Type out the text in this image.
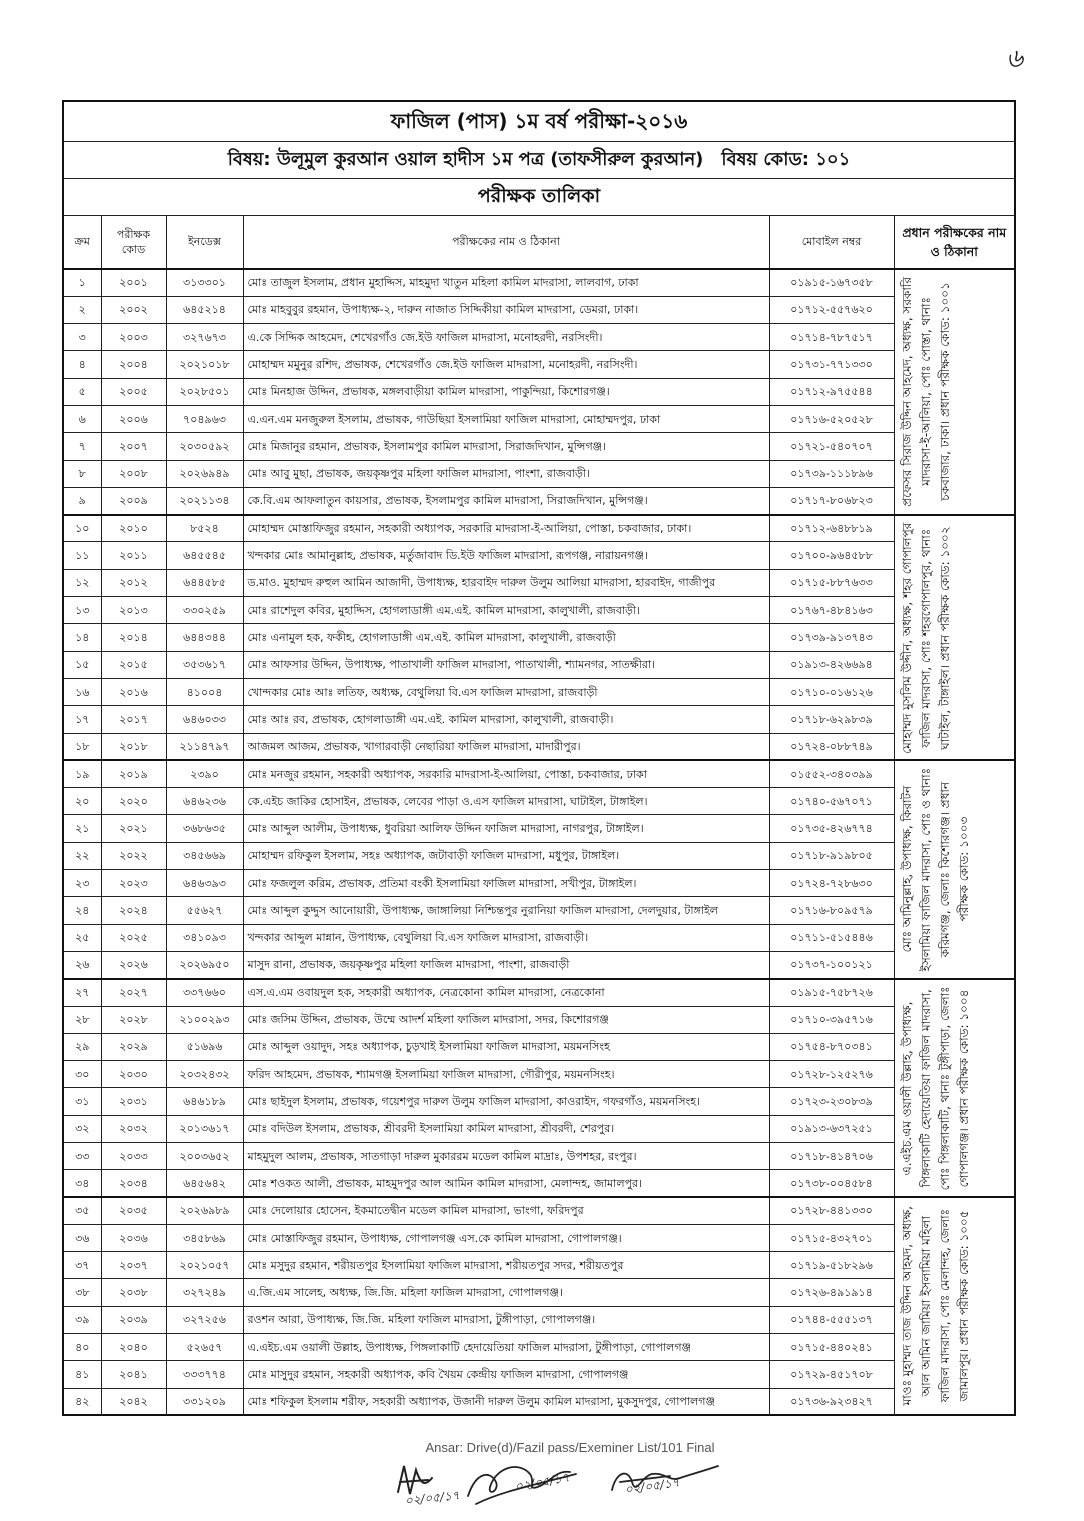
৬
ফাজিল (পাস) ১ম বর্ষ পরীক্ষা-২০১৬					

বিষয়: উলূমুল কুরআন ওয়াল হাদীস ১ম পত্র (তাফসীরুল কুরআন) বিষয় কোড: ১০১					

পরীক্ষক তালিকা					

ক্রম	পরীক্ষক কোড	ইনডেক্স	পরীক্ষকের নাম ও ঠিকানা	মোবাইল নম্বর	প্রধান পরীক্ষকের নাম ও ঠিকানা

১	২০০১	৩১৩৩০১	মোঃ তাজুল ইসলাম, প্রধান মুহাদ্দিস, মাহমুদা খাতুন মহিলা কামিল মাদরাসা, লালবাগ, ঢাকা	০১৯১৫-১৬৭৩৫৮	প্রফেসর সিরাজ উদ্দিন আহমেদ, অধ্যক্ষ, সরকারি মাদরাসা-ই-আলিয়া, পোঃ পোস্তা, থানাঃ চকবাজার, ঢাকা। প্রধান পরীক্ষক কোড: ১০০১

২	২০০২	৬৪৫২১৪	মোঃ মাহবুবুর রহমান, উপাধ্যক্ষ-২, দারুন নাজাত সিদ্দিকীয়া কামিল মাদরাসা, ডেমরা, ঢাকা।	০১৭১২-৫৫৭৬২০	

৩	২০০৩	৩২৭৬৭৩	এ.কে সিদ্দিক আহমেদ, শেখেরগাঁও জে.ইউ ফাজিল মাদরাসা, মনোহরদী, নরসিংদী।	০১৭১৪-৭৮৭৫১৭	

৪	২০০৪	২০২১০১৮	মোহাম্মদ মমুনুর রশিদ, প্রভাষক, শেখেরগাঁও জে.ইউ ফাজিল মাদরাসা, মনোহরদী, নরসিংদী।	০১৭৩১-৭৭১৩৩০	

৫	২০০৫	২০২৮৫০১	মোঃ মিনহাজ উদ্দিন, প্রভাষক, মঙ্গলবাড়ীয়া কামিল মাদরাসা, পাকুন্দিয়া, কিশোরগঞ্জ।	০১৭১২-৯৭৫৫৪৪	

৬	২০০৬	৭০৪৯৬৩	এ.এন.এম মনজুরুল ইসলাম, প্রভাষক, গাউছিয়া ইসলামিয়া ফাজিল মাদরাসা, মোহাম্মদপুর, ঢাকা	০১৭১৬-৫২০৫২৮	

৭	২০০৭	২০৩০৫৯২	মোঃ মিজানুর রহমান, প্রভাষক, ইসলামপুর কামিল মাদরাসা, সিরাজদিখান, মুন্সিগঞ্জ।	০১৭২১-৫৪০৭০৭	

৮	২০০৮	২০২৬৯৪৯	মোঃ আবু মুছা, প্রভাষক, জয়কৃষ্ণপুর মহিলা ফাজিল মাদরাসা, পাংশা, রাজবাড়ী।	০১৭৩৯-১১১৮৯৬	

৯	২০০৯	২০২১১৩৪	কে.বি.এম আফলাতুন কায়সার, প্রভাষক, ইসলামপুর কামিল মাদরাসা, সিরাজদিখান, মুন্সিগঞ্জ।	০১৭১৭-৮০৬৮২৩	

১০	২০১০	৮৫২৪	মোহাম্মদ মোস্তাফিজুর রহমান, সহকারী অধ্যাপক, সরকারি মাদরাসা-ই-আলিয়া, পোস্তা, চকবাজার, ঢাকা।	০১৭১২-৬৪৮৮১৯	মোহাম্মদ মুসলিম উদ্দীন, অধ্যক্ষ, শহর গোপালপুর ফাজিল মাদরাসা, পোঃ শহরগোপালপুর, থানাঃ ঘাটাইল, টাঙ্গাইল। প্রধান পরীক্ষক কোড: ১০০২

১১	২০১১	৬৪৫৫৪৫	খন্দকার মোঃ আমানুল্লাহ, প্রভাষক, মর্তুজাবাদ ডি.ইউ ফাজিল মাদরাসা, রূপগঞ্জ, নারায়নগঞ্জ।	০১৭০০-৯৬৪৫৮৮	

১২	২০১২	৬৪৪৫৮৫	ড.মাও. মুহাম্মদ রুহুল আমিন আজাদী, উপাধ্যক্ষ, হারবাইদ দারুল উলুম আলিয়া মাদরাসা, হারবাইদ, গাজীপুর	০১৭১৫-৮৮৭৬৩৩	

১৩	২০১৩	৩৩০২৫৯	মোঃ রাশেদুল কবির, মুহাদ্দিস, হোগলাডাঙ্গী এম.এই. কামিল মাদরাসা, কালুখালী, রাজবাড়ী।	০১৭৬৭-৪৮৪১৬৩	

১৪	২০১৪	৬৪৪৩৪৪	মোঃ এনামুল হক, ফকীহ, হোগলাডাঙ্গী এম.এই. কামিল মাদরাসা, কালুখালী, রাজবাড়ী	০১৭৩৯-৯১৩৭৪৩	

১৫	২০১৫	৩৫৩৬১৭	মোঃ আফসার উদ্দিন, উপাধ্যক্ষ, পাতাখালী ফাজিল মাদরাসা, পাতাখালী, শ্যামনগর, সাতক্ষীরা।	০১৯১৩-৪২৬৬৯৪	

১৬	২০১৬	৪১০০৪	খোন্দকার মোঃ আঃ লতিফ, অধ্যক্ষ, বেথুলিয়া বি.এস ফাজিল মাদরাসা, রাজবাড়ী	০১৭১০-০১৬১২৬	

১৭	২০১৭	৬৪৬০৩৩	মোঃ আঃ রব, প্রভাষক, হোগলাডাঙ্গী এম.এই. কামিল মাদরাসা, কালুখালী, রাজবাড়ী।	০১৭১৮-৬২৯৮৩৯	

১৮	২০১৮	২১১৪৭৯৭	আজমল আজম, প্রভাষক, খাগারবাড়ী নেছারিয়া ফাজিল মাদরাসা, মাদারীপুর।	০১৭২৪-০৮৮৭৪৯	

১৯	২০১৯	২৩৯০	মোঃ মনজুর রহমান, সহকারী অধ্যাপক, সরকারি মাদরাসা-ই-আলিয়া, পোস্তা, চকবাজার, ঢাকা	০১৫৫২-৩৪০৩৯৯	মোঃ আমিনুল্লাহ, উপাধ্যক্ষ, কিরাটন ইসলামিয়া ফাজিল মাদরাসা, পোঃ ও থানাঃ করিমগঞ্জ, জেলাঃ কিশোরগঞ্জ। প্রধান পরীক্ষক কোড: ১০০৩

২০	২০২০	৬৪৬২৩৬	কে.এইচ জাকির হোসাইন, প্রভাষক, লেবের পাড়া ও.এস ফাজিল মাদরাসা, ঘাটাইল, টাঙ্গাইল।	০১৭৪০-৫৬৭০৭১	

২১	২০২১	৩৬৮৬৩৫	মোঃ আব্দুল আলীম, উপাধ্যক্ষ, ধুবরিয়া আলিফ উদ্দিন ফাজিল মাদরাসা, নাগরপুর, টাঙ্গাইল।	০১৭৩৫-৪২৬৭৭৪	

২২	২০২২	৩৪৫৬৬৯	মোহাম্মদ রফিকুল ইসলাম, সহঃ অধ্যাপক, জটাবাড়ী ফাজিল মাদরাসা, মধুপুর, টাঙ্গাইল।	০১৭১৮-৯১৯৮০৫	

২৩	২০২৩	৬৪৬৩৯৩	মোঃ ফজলুল করিম, প্রভাষক, প্রতিমা বংকী ইসলামিয়া ফাজিল মাদরাসা, সখীপুর, টাঙ্গাইল।	০১৭২৪-৭২৮৬৩০	

২৪	২০২৪	৫৫৬২৭	মোঃ আব্দুল কুদ্দুস আনোয়ারী, উপাধ্যক্ষ, জাঙ্গালিয়া নিশ্চিন্তপুর নুরানিয়া ফাজিল মাদরাসা, দেলদুয়ার, টাঙ্গাইল	০১৭১৬-৮০৯৫৭৯	

২৫	২০২৫	৩৪১০৯৩	খন্দকার আব্দুল মান্নান, উপাধ্যক্ষ, বেথুলিয়া বি.এস ফাজিল মাদরাসা, রাজবাড়ী।	০১৭১১-৫১৫৪৪৬	

২৬	২০২৬	২০২৬৯৫০	মাসুদ রানা, প্রভাষক, জয়কৃষ্ণপুর মহিলা ফাজিল মাদরাসা, পাংশা, রাজবাড়ী	০১৭৩৭-১০০১২১	

২৭	২০২৭	৩৩৭৬৬০	এস.এ.এম ওবায়দুল হক, সহকারী অধ্যাপক, নেত্রকোনা কামিল মাদরাসা, নেত্রকোনা	০১৯১৫-৭৫৮৭২৬	এ.এইচ.এম ওয়ালী উল্লাহ, উপাধ্যক্ষ, পিঙ্গলাকাটি হেদায়েতিয়া ফাজিল মাদরাসা, পোঃ পিঙ্গলাকাটি, থানাঃ টুঙ্গীপাড়া, জেলাঃ গোপালগঞ্জ। প্রধান পরীক্ষক কোড: ১০০৪

২৮	২০২৮	২১০০২৯৩	মোঃ জসিম উদ্দিন, প্রভাষক, উম্মে আদর্শ মহিলা ফাজিল মাদরাসা, সদর, কিশোরগঞ্জ	০১৭১০-৩৯৫৭১৬	

২৯	২০২৯	৫১৬৯৬	মোঃ আব্দুল ওয়াদুদ, সহঃ অধ্যাপক, চুড়খাই ইসলামিয়া ফাজিল মাদরাসা, ময়মনসিংহ	০১৭৫৪-৮৭০৩৪১	

৩০	২০৩০	২০৩২৪৩২	ফরিদ আহমেদ, প্রভাষক, শ্যামগঞ্জ ইসলামিয়া ফাজিল মাদরাসা, গৌরীপুর, ময়মনসিংহ।	০১৭২৮-১২৫২৭৬	

৩১	২০৩১	৬৪৬১৮৯	মোঃ ছাইদুল ইসলাম, প্রভাষক, গয়েশপুর দারুল উলুম ফাজিল মাদরাসা, কাওরাইদ, গফরগাঁও, ময়মনসিংহ।	০১৭২৩-২৩০৮৩৯	

৩২	২০৩২	২০১৩৬১৭	মোঃ বদিউল ইসলাম, প্রভাষক, শ্রীবরদী ইসলামিয়া কামিল মাদরাসা, শ্রীবরদী, শেরপুর।	০১৯১৩-৬৩৭২৫১	

৩৩	২০৩৩	২০০৩৬৫২	মাহমুদুল আলম, প্রভাষক, সাতগাড়া দারুল মুকাররম মডেল কামিল মাদ্রাঃ, উপশহর, রংপুর।	০১৭১৮-৪১৪৭০৬	

৩৪	২০৩৪	৬৪৫৬৪২	মোঃ শওকত আলী, প্রভাষক, মাহমুদপুর আল আমিন কামিল মাদরাসা, মেলান্দহ, জামালপুর।	০১৭৩৮-০০৪৫৮৪	

৩৫	২০৩৫	২০২৬৯৮৯	মোঃ দেলোয়ার হোসেন, ইকমাতেদ্বীন মডেল কামিল মাদরাসা, ভাংগা, ফরিদপুর	০১৭২৮-৪৪১৩৩০	মাওঃ মুহাম্মদ তাজ উদ্দিন আহমদ, অধ্যক্ষ, আল আমিন জামিয়া ইসলামিয়া মহিলা ফাজিল মাদরাসা, পোঃ মেলান্দহ, জেলাঃ জামালপুর। প্রধান পরীক্ষক কোড: ১০০৫

৩৬	২০৩৬	৩৪৫৮৬৯	মোঃ মোস্তাফিজুর রহমান, উপাধ্যক্ষ, গোপালগঞ্জ এস.কে কামিল মাদরাসা, গোপালগঞ্জ।	০১৭১৫-৪৩২৭০১	

৩৭	২০৩৭	২০২১০৫৭	মোঃ মসুদুর রহমান, শরীয়তপুর ইসলামিয়া ফাজিল মাদরাসা, শরীয়তপুর সদর, শরীয়তপুর	০১৭১৯-৫১৮২৯৬	

৩৮	২০৩৮	৩২৭২৪৯	এ.জি.এম সালেহ, অধ্যক্ষ, জি.জি. মহিলা ফাজিল মাদরাসা, গোপালগঞ্জ।	০১৭২৬-৪৯১৯১৪	

৩৯	২০৩৯	৩২৭২৫৬	রওশন আরা, উপাধ্যক্ষ, জি.জি. মহিলা ফাজিল মাদরাসা, টুঙ্গীপাড়া, গোপালগঞ্জ।	০১৭৪৪-৫৫৫১৩৭	

৪০	২০৪০	৫২৬৫৭	এ.এইচ.এম ওয়ালী উল্লাহ, উপাধ্যক্ষ, পিঙ্গলাকাটি হেদায়েতিয়া ফাজিল মাদরাসা, টুঙ্গীপাড়া, গোপালগঞ্জ	০১৭১৫-৪৪০২৪১	

৪১	২০৪১	৩৩৩৭৭৪	মোঃ মাসুদুর রহমান, সহকারী অধ্যাপক, কবি খৈয়ম কেন্দ্রীয় ফাজিল মাদরাসা, গোপালগঞ্জ	০১৭২৯-৪৫১৭০৮	

৪২	২০৪২	৩৩১২০৯	মোঃ শফিকুল ইসলাম শরীফ, সহকারী অধ্যাপক, উজানী দারুল উলুম কামিল মাদরাসা, মুকসুদপুর, গোপালগঞ্জ	০১৭৩৬-৯২৩৪২৭	
Ansar: Drive(d)/Fazil pass/Exeminer List/101 Final
০২/০৫/১৭
০২/০৫/১৭	০২/০৫/১৭
